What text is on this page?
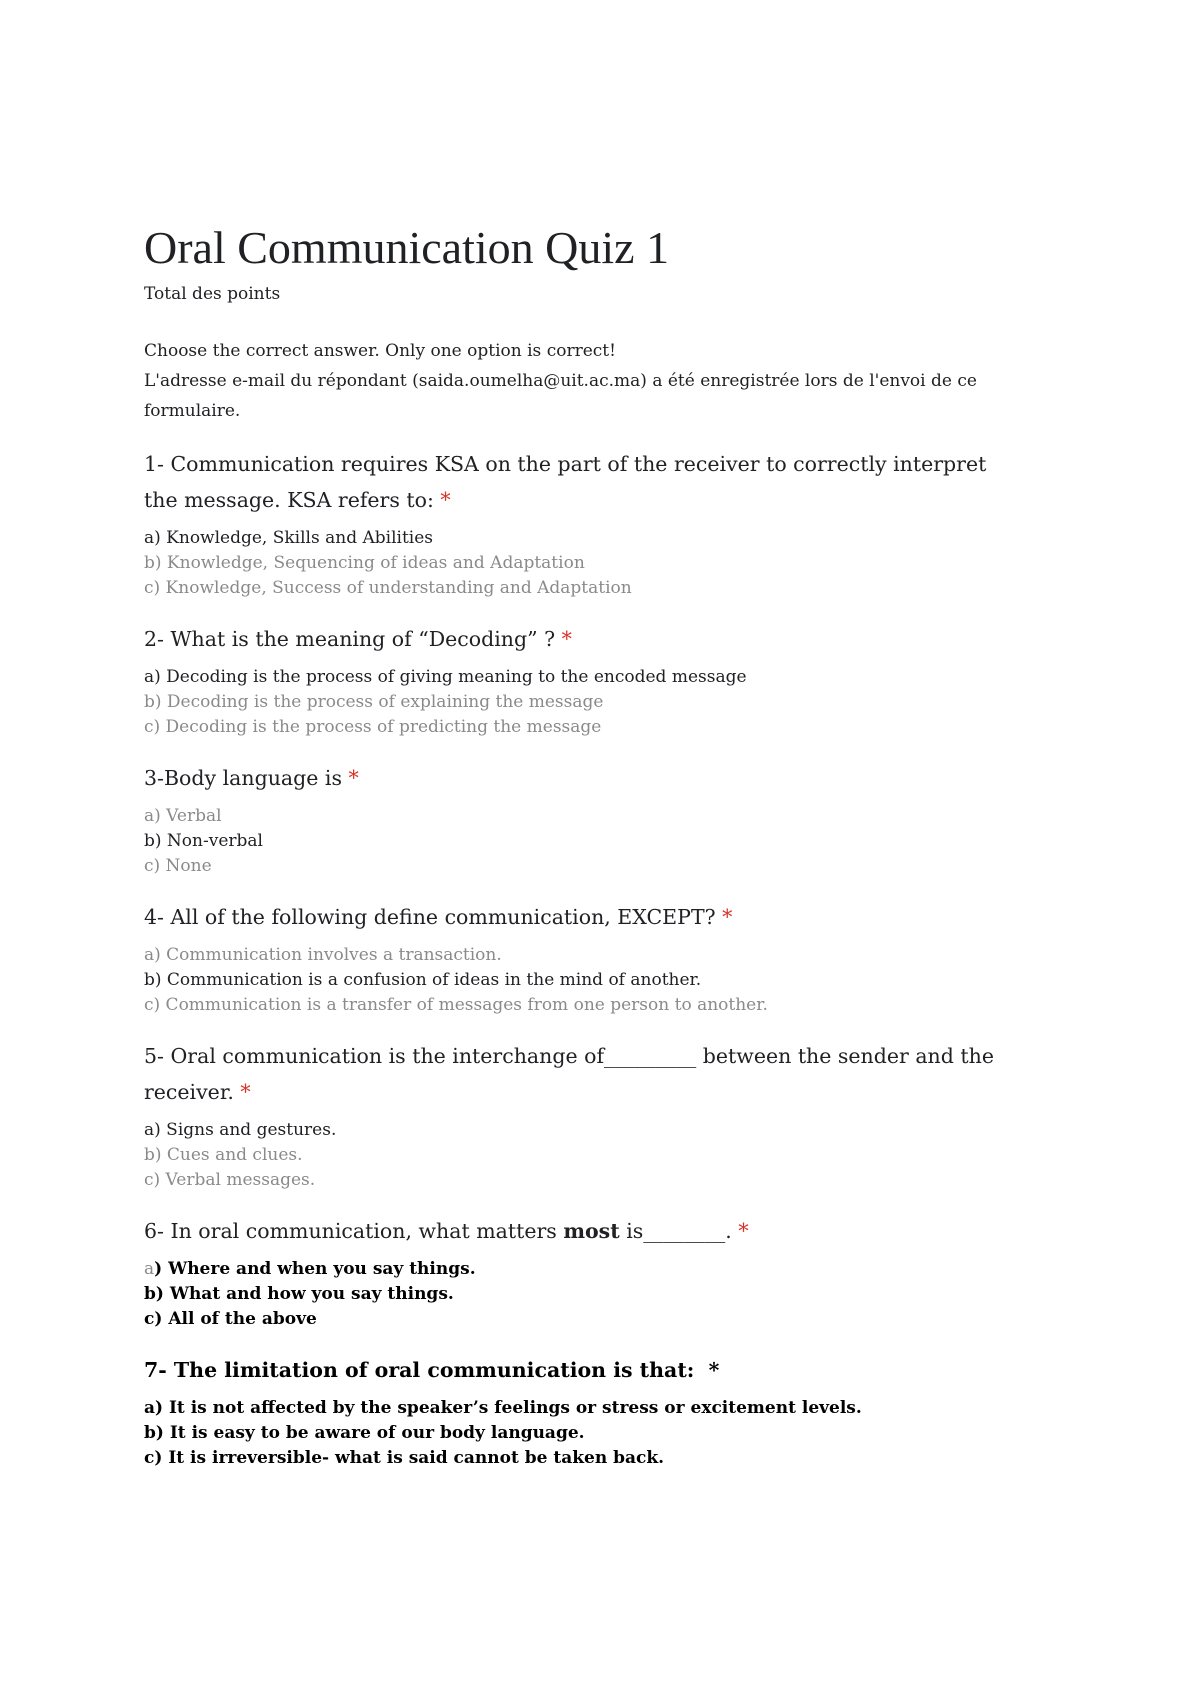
Oral Communication Quiz 1
Total des points

Choose the correct answer. Only one option is correct!

L'adresse e-mail du répondant (saida.oumelha@uit.ac.ma) a été enregistrée lors de l'envoi de ce formulaire.

1- Communication requires KSA on the part of the receiver to correctly interpret the message. KSA refers to: *

a) Knowledge, Skills and Abilities

b) Knowledge, Sequencing of ideas and Adaptation

c) Knowledge, Success of understanding and Adaptation

2- What is the meaning of “Decoding” ? *

a) Decoding is the process of giving meaning to the encoded message

b) Decoding is the process of explaining the message

c) Decoding is the process of predicting the message

3-Body language is *

a) Verbal

b) Non-verbal

c) None

4- All of the following define communication, EXCEPT? *

a) Communication involves a transaction.

b) Communication is a confusion of ideas in the mind of another.

c) Communication is a transfer of messages from one person to another.

5- Oral communication is the interchange of_________ between the sender and the receiver. *

a) Signs and gestures.

b) Cues and clues.

c) Verbal messages.

6- In oral communication, what matters most is________. *

a) Where and when you say things.

b) What and how you say things.

c) All of the above

7- The limitation of oral communication is that: *

a) It is not affected by the speaker’s feelings or stress or excitement levels.

b) It is easy to be aware of our body language.

c) It is irreversible- what is said cannot be taken back.
